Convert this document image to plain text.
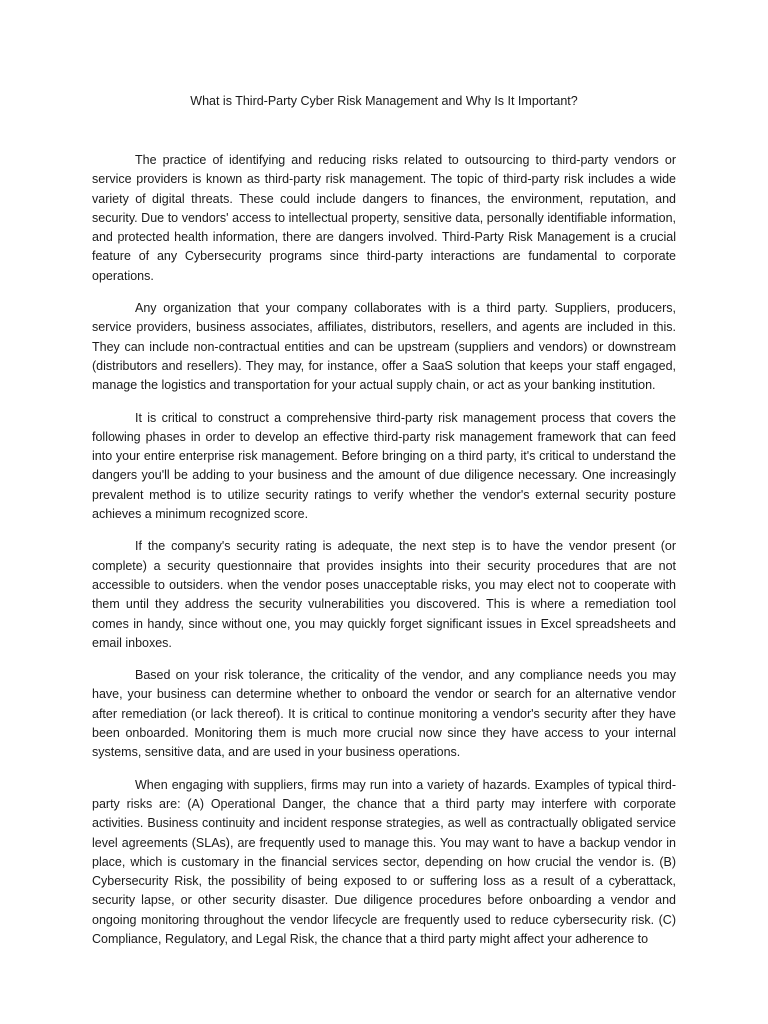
What is Third-Party Cyber Risk Management and Why Is It Important?

The practice of identifying and reducing risks related to outsourcing to third-party vendors or service providers is known as third-party risk management. The topic of third-party risk includes a wide variety of digital threats. These could include dangers to finances, the environment, reputation, and security. Due to vendors' access to intellectual property, sensitive data, personally identifiable information, and protected health information, there are dangers involved. Third-Party Risk Management is a crucial feature of any Cybersecurity programs since third-party interactions are fundamental to corporate operations.

Any organization that your company collaborates with is a third party. Suppliers, producers, service providers, business associates, affiliates, distributors, resellers, and agents are included in this. They can include non-contractual entities and can be upstream (suppliers and vendors) or downstream (distributors and resellers). They may, for instance, offer a SaaS solution that keeps your staff engaged, manage the logistics and transportation for your actual supply chain, or act as your banking institution.

It is critical to construct a comprehensive third-party risk management process that covers the following phases in order to develop an effective third-party risk management framework that can feed into your entire enterprise risk management. Before bringing on a third party, it's critical to understand the dangers you'll be adding to your business and the amount of due diligence necessary. One increasingly prevalent method is to utilize security ratings to verify whether the vendor's external security posture achieves a minimum recognized score.

If the company's security rating is adequate, the next step is to have the vendor present (or complete) a security questionnaire that provides insights into their security procedures that are not accessible to outsiders. when the vendor poses unacceptable risks, you may elect not to cooperate with them until they address the security vulnerabilities you discovered. This is where a remediation tool comes in handy, since without one, you may quickly forget significant issues in Excel spreadsheets and email inboxes.

Based on your risk tolerance, the criticality of the vendor, and any compliance needs you may have, your business can determine whether to onboard the vendor or search for an alternative vendor after remediation (or lack thereof). It is critical to continue monitoring a vendor's security after they have been onboarded. Monitoring them is much more crucial now since they have access to your internal systems, sensitive data, and are used in your business operations.

When engaging with suppliers, firms may run into a variety of hazards. Examples of typical third-party risks are: (A) Operational Danger, the chance that a third party may interfere with corporate activities. Business continuity and incident response strategies, as well as contractually obligated service level agreements (SLAs), are frequently used to manage this. You may want to have a backup vendor in place, which is customary in the financial services sector, depending on how crucial the vendor is. (B) Cybersecurity Risk, the possibility of being exposed to or suffering loss as a result of a cyberattack, security lapse, or other security disaster. Due diligence procedures before onboarding a vendor and ongoing monitoring throughout the vendor lifecycle are frequently used to reduce cybersecurity risk. (C) Compliance, Regulatory, and Legal Risk, the chance that a third party might affect your adherence to
